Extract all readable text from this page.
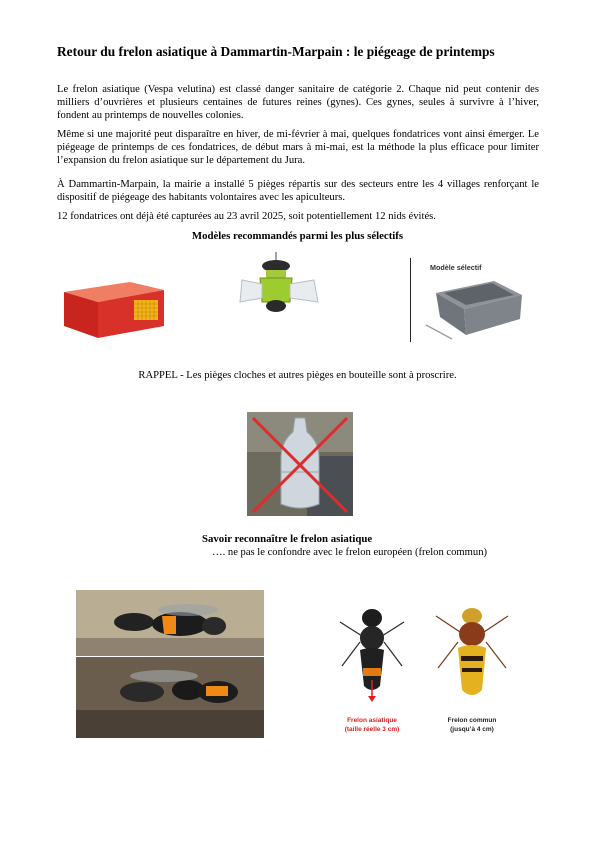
Retour du frelon asiatique à Dammartin-Marpain : le piégeage de printemps

Le frelon asiatique (Vespa velutina) est classé danger sanitaire de catégorie 2. Chaque nid peut contenir des milliers d’ouvrières et plusieurs centaines de futures reines (gynes). Ces gynes, seules à survivre à l’hiver, fondent au printemps de nouvelles colonies.

Même si une majorité peut disparaître en hiver, de mi-février à mai, quelques fondatrices vont ainsi émerger. Le piégeage de printemps de ces fondatrices, de début mars à mi-mai, est la méthode la plus efficace pour limiter l’expansion du frelon asiatique sur le département du Jura.

À Dammartin-Marpain, la mairie a installé 5 pièges répartis sur des secteurs entre les 4 villages renforçant le dispositif de piégeage des habitants volontaires avec les apiculteurs.

12 fondatrices ont déjà été capturées au 23 avril 2025, soit potentiellement 12 nids évités.

Modèles recommandés parmi les plus sélectifs
Modèle sélectif
RAPPEL - Les pièges cloches et autres pièges en bouteille sont à proscrire.
Savoir reconnaître le frelon asiatique
…. ne pas le confondre avec le frelon européen (frelon commun)
Frelon asiatique
(taille réelle 3 cm)
Frelon commun
(jusqu’à 4 cm)
